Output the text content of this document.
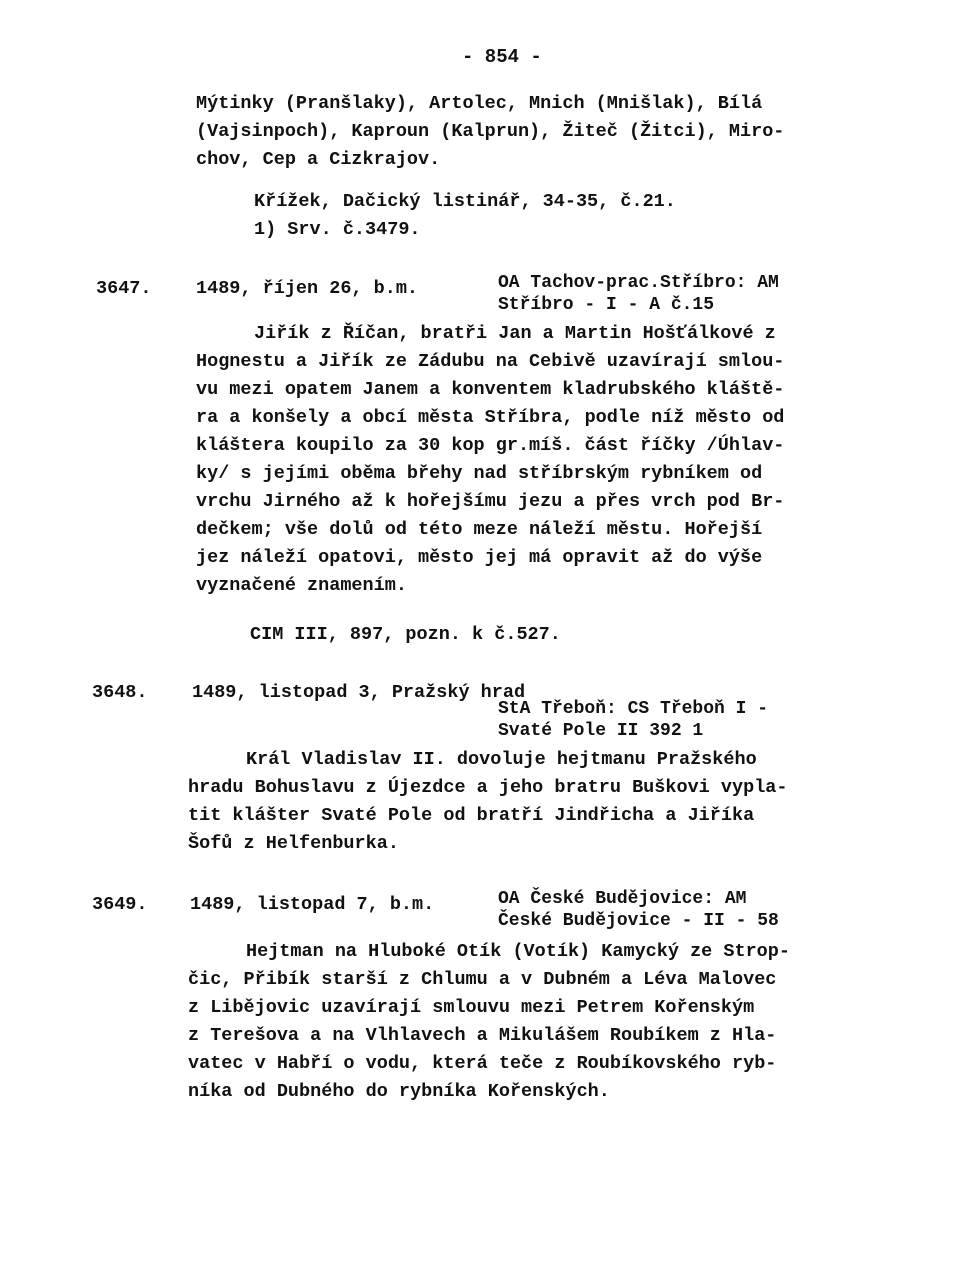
- 854 -
Mýtinky (Pranšlaky), Artolec, Mnich (Mnišlak), Bílá
(Vajsinpoch), Kaproun (Kalprun), Žiteč (Žitci), Miro-
chov, Cep a Cizkrajov.
Křížek, Dačický listinář, 34-35, č.21.
1) Srv. č.3479.
3647. 1489, říjen 26, b.m.	OA Tachov-prac.Stříbro: AM
Stříbro - I - A č.15
Jiřík z Říčan, bratři Jan a Martin Hošťálkové z
Hognestu a Jiřík ze Zádubu na Cebivě uzavírají smlou-
vu mezi opatem Janem a konventem kladrubského kláště-
ra a konšely a obcí města Stříbra, podle níž město od
kláštera koupilo za 30 kop gr.míš. část říčky /Úhlav-
ky/ s jejími oběma břehy nad stříbrským rybníkem od
vrchu Jirného až k hořejšímu jezu a přes vrch pod Br-
dečkem; vše dolů od této meze náleží městu. Hořejší
jez náleží opatovi, město jej má opravit až do výše
vyznačené znamením.
CIM III, 897, pozn. k č.527.
3648. 1489, listopad 3, Pražský hrad
StA Třeboň: CS Třeboň I -
Svaté Pole II 392 1
Král Vladislav II. dovoluje hejtmanu Pražského
hradu Bohuslavu z Újezdce a jeho bratru Buškovi vypla-
tit klášter Svaté Pole od bratří Jindřicha a Jiříka
Šofů z Helfenburka.
3649. 1489, listopad 7, b.m.	OA České Budějovice: AM
České Budějovice - II - 58
Hejtman na Hluboké Otík (Votík) Kamycký ze Strop-
čic, Přibík starší z Chlumu a v Dubném a Léva Malovec
z Libějovic uzavírají smlouvu mezi Petrem Kořenským
z Terešova a na Vlhlavech a Mikulášem Roubíkem z Hla-
vatec v Habří o vodu, která teče z Roubíkovského ryb-
níka od Dubného do rybníka Kořenských.
